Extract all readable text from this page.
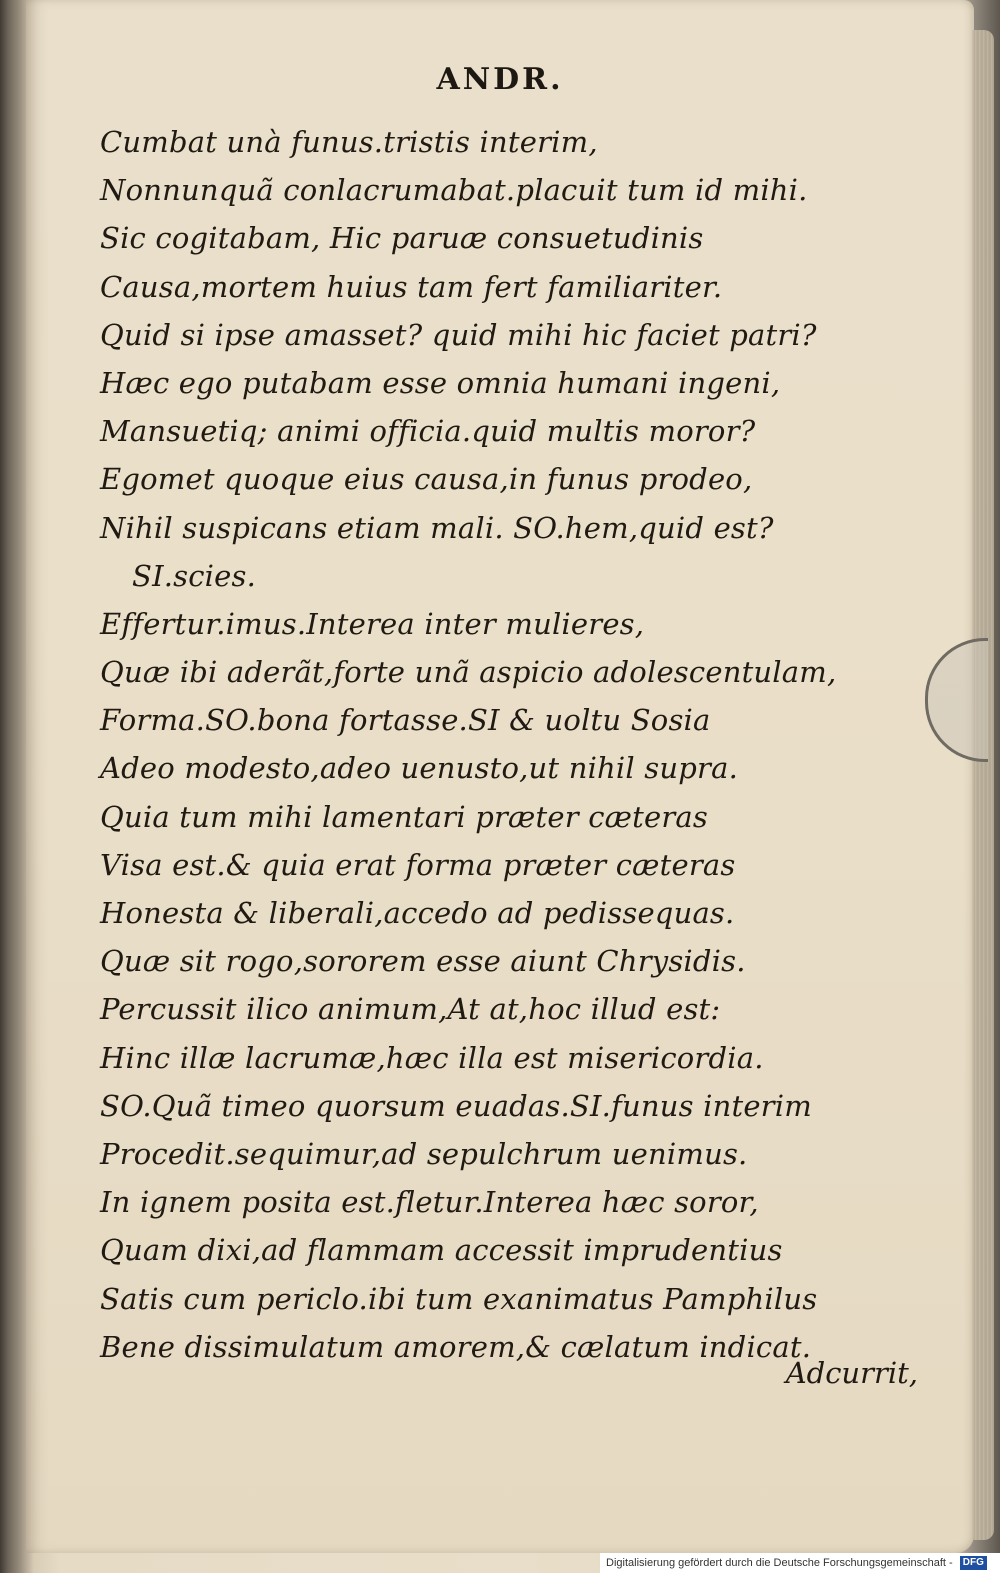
ANDR.
Cumbat unà funus.tristis interim,
Nonnunquã conlacrumabat.placuit tum id mihi.
Sic cogitabam, Hic paruæ consuetudinis
Causa,mortem huius tam fert familiariter.
Quid si ipse amasset? quid mihi hic faciet patri?
Hæc ego putabam esse omnia humani ingeni,
Mansuetiq; animi officia.quid multis moror?
Egomet quoque eius causa,in funus prodeo,
Nihil suspicans etiam mali. SO.hem,quid est?
SI.scies.
Effertur.imus.Interea inter mulieres,
Quæ ibi aderãt,forte unã aspicio adolescentulam,
Forma.SO.bona fortasse.SI & uoltu Sosia
Adeo modesto,adeo uenusto,ut nihil supra.
Quia tum mihi lamentari præter cæteras
Visa est.& quia erat forma præter cæteras
Honesta & liberali,accedo ad pedissequas.
Quæ sit rogo,sororem esse aiunt Chrysidis.
Percussit ilico animum,At at,hoc illud est:
Hinc illæ lacrumæ,hæc illa est misericordia.
SO.Quã timeo quorsum euadas.SI.funus interim
Procedit.sequimur,ad sepulchrum uenimus.
In ignem posita est.fletur.Interea hæc soror,
Quam dixi,ad flammam accessit imprudentius
Satis cum periclo.ibi tum exanimatus Pamphilus
Bene dissimulatum amorem,& cælatum indicat.
Adcurrit,
Digitalisierung gefördert durch die Deutsche Forschungsgemeinschaft - DFG
